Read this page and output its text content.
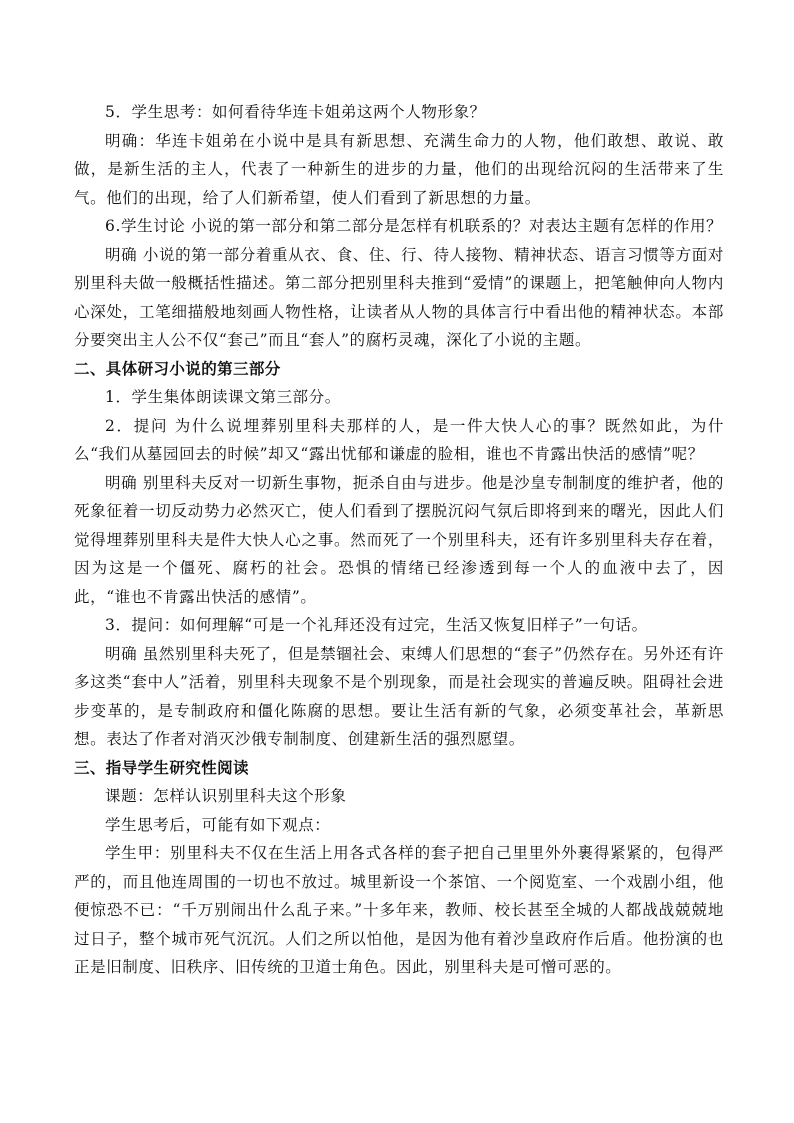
5．学生思考：如何看待华连卡姐弟这两个人物形象？

明确：华连卡姐弟在小说中是具有新思想、充满生命力的人物，他们敢想、敢说、敢做，是新生活的主人，代表了一种新生的进步的力量，他们的出现给沉闷的生活带来了生气。他们的出现，给了人们新希望，使人们看到了新思想的力量。

6.学生讨论 小说的第一部分和第二部分是怎样有机联系的？对表达主题有怎样的作用？

明确 小说的第一部分着重从衣、食、住、行、待人接物、精神状态、语言习惯等方面对别里科夫做一般概括性描述。第二部分把别里科夫推到“爱情”的课题上，把笔触伸向人物内心深处，工笔细描般地刻画人物性格，让读者从人物的具体言行中看出他的精神状态。本部分要突出主人公不仅“套己”而且“套人”的腐朽灵魂，深化了小说的主题。

二、具体研习小说的第三部分

1．学生集体朗读课文第三部分。

2．提问 为什么说埋葬别里科夫那样的人，是一件大快人心的事？既然如此，为什么“我们从墓园回去的时候”却又“露出忧郁和谦虚的脸相，谁也不肯露出快活的感情”呢？

明确 别里科夫反对一切新生事物，扼杀自由与进步。他是沙皇专制制度的维护者，他的死象征着一切反动势力必然灭亡，使人们看到了摆脱沉闷气氛后即将到来的曙光，因此人们觉得埋葬别里科夫是件大快人心之事。然而死了一个别里科夫，还有许多别里科夫存在着，因为这是一个僵死、腐朽的社会。恐惧的情绪已经渗透到每一个人的血液中去了，因此，“谁也不肯露出快活的感情”。

3．提问：如何理解“可是一个礼拜还没有过完，生活又恢复旧样子”一句话。

明确 虽然别里科夫死了，但是禁锢社会、束缚人们思想的“套子”仍然存在。另外还有许多这类“套中人”活着，别里科夫现象不是个别现象，而是社会现实的普遍反映。阻碍社会进步变革的，是专制政府和僵化陈腐的思想。要让生活有新的气象，必须变革社会，革新思想。表达了作者对消灭沙俄专制制度、创建新生活的强烈愿望。

三、指导学生研究性阅读

课题：怎样认识别里科夫这个形象

学生思考后，可能有如下观点：

学生甲：别里科夫不仅在生活上用各式各样的套子把自己里里外外裹得紧紧的，包得严严的，而且他连周围的一切也不放过。城里新设一个茶馆、一个阅览室、一个戏剧小组，他便惊恐不已：“千万别闹出什么乱子来。”十多年来，教师、校长甚至全城的人都战战兢兢地过日子，整个城市死气沉沉。人们之所以怕他，是因为他有着沙皇政府作后盾。他扮演的也正是旧制度、旧秩序、旧传统的卫道士角色。因此，别里科夫是可憎可恶的。
